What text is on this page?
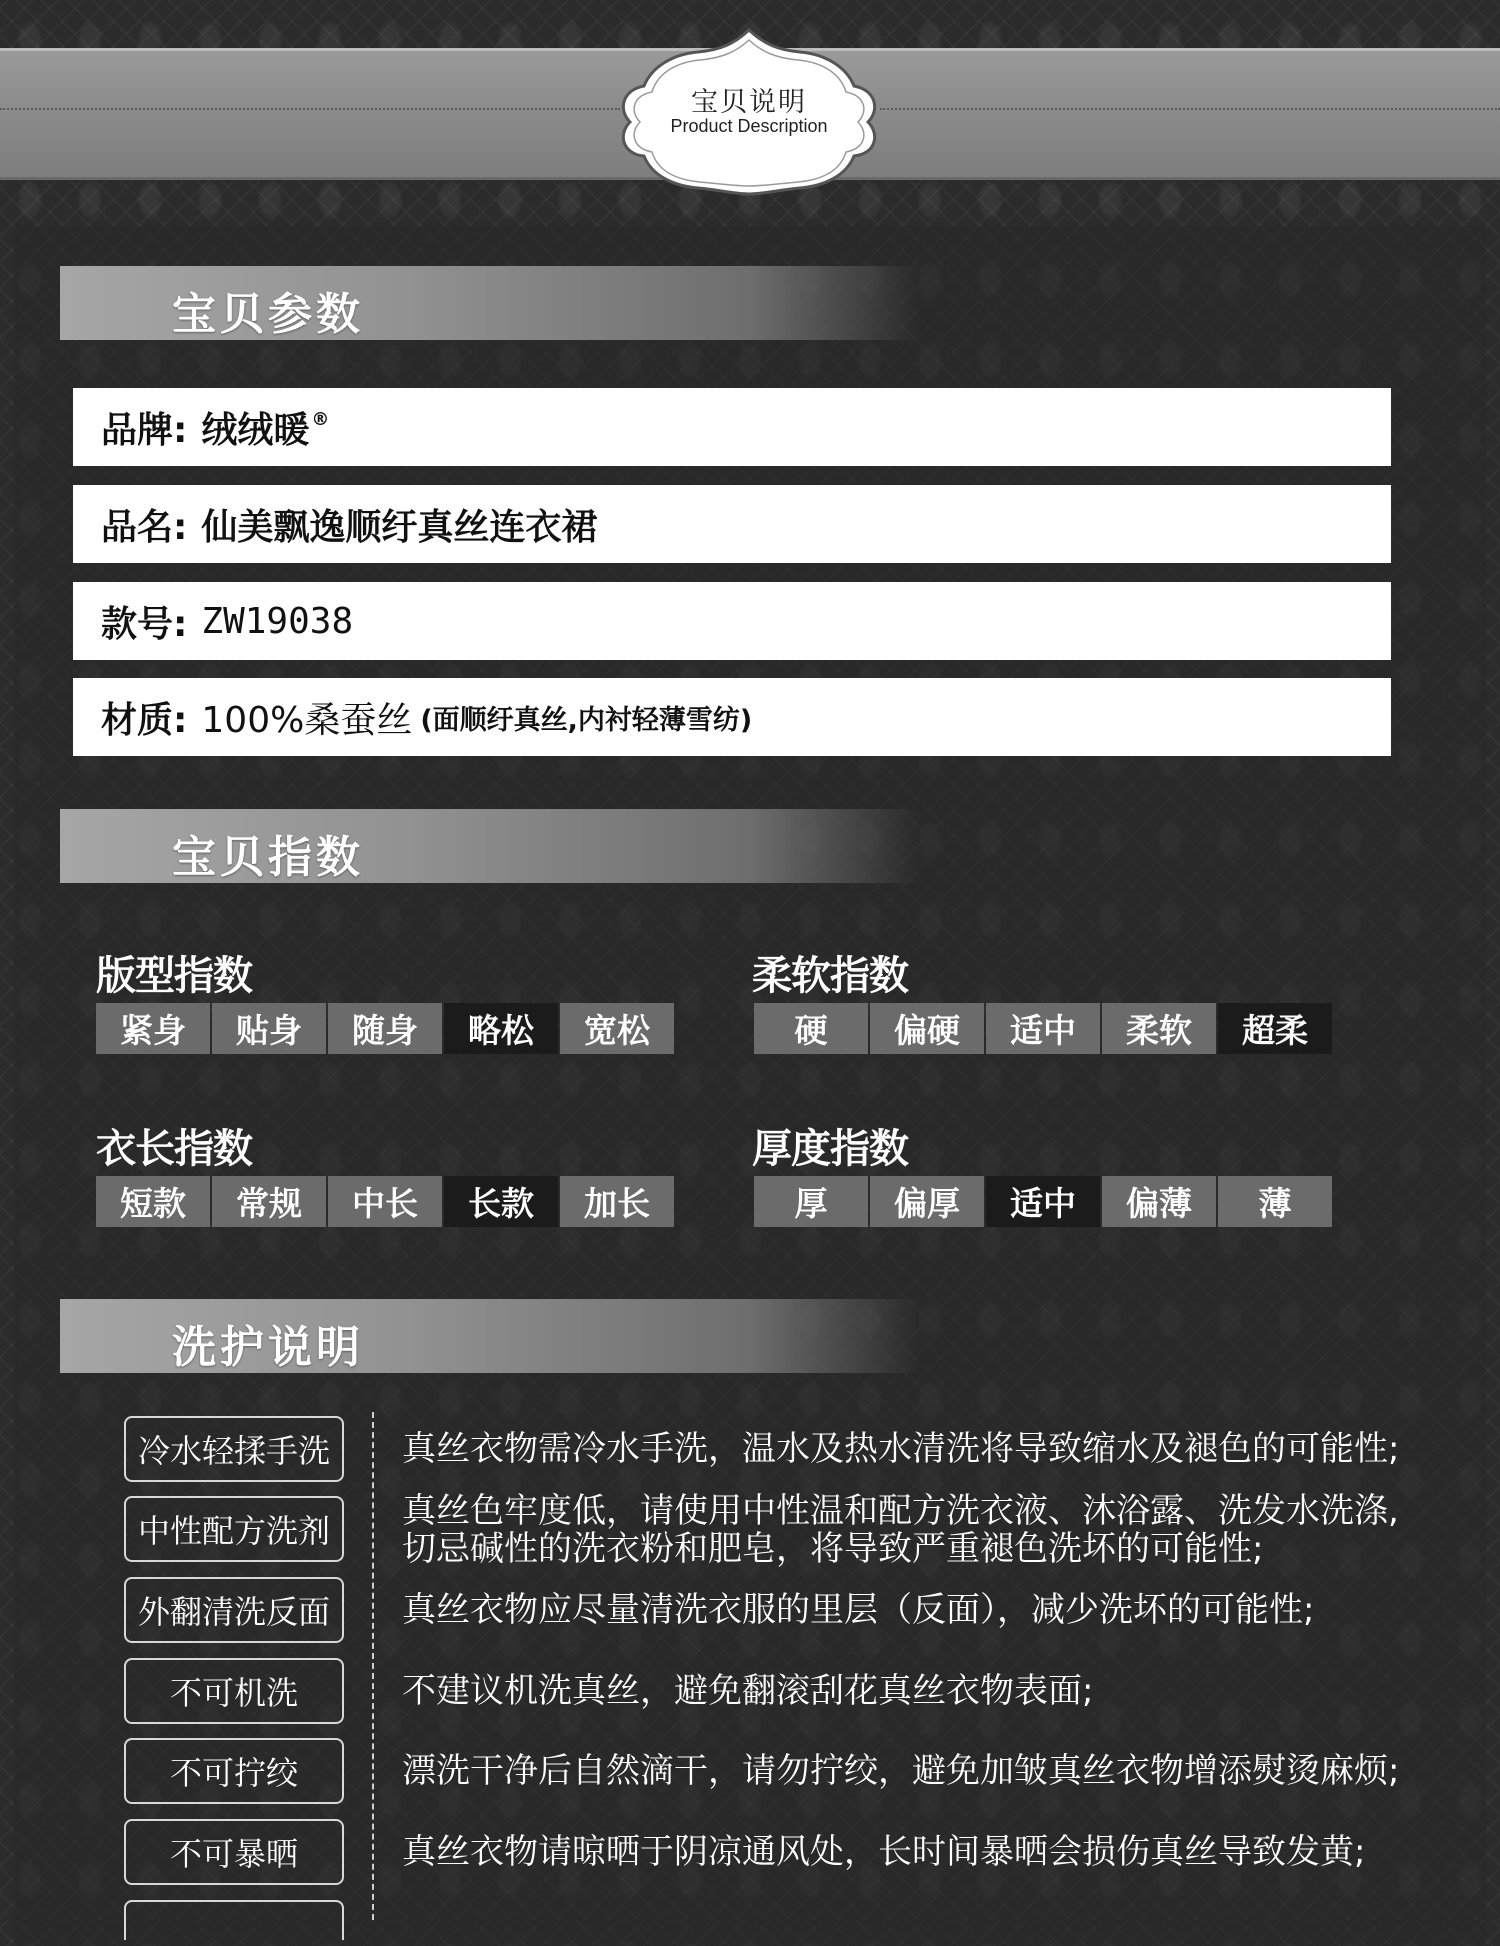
宝贝说明
Product Description
宝贝参数
品牌: 绒绒暖®
品名: 仙美飘逸顺纡真丝连衣裙
款号: ZW19038
材质: 100%桑蚕丝 (面顺纡真丝,内衬轻薄雪纺)
宝贝指数
版型指数
紧身	贴身	随身	略松	宽松
柔软指数
硬	偏硬	适中	柔软	超柔
衣长指数
短款	常规	中长	长款	加长
厚度指数
厚	偏厚	适中	偏薄	薄
洗护说明
冷水轻揉手洗	真丝衣物需冷水手洗，温水及热水清洗将导致缩水及褪色的可能性;
中性配方洗剂	真丝色牢度低，请使用中性温和配方洗衣液、沐浴露、洗发水洗涤,
切忌碱性的洗衣粉和肥皂，将导致严重褪色洗坏的可能性;
外翻清洗反面	真丝衣物应尽量清洗衣服的里层（反面），减少洗坏的可能性;
不可机洗	不建议机洗真丝，避免翻滚刮花真丝衣物表面;
不可拧绞	漂洗干净后自然滴干，请勿拧绞，避免加皱真丝衣物增添熨烫麻烦;
不可暴晒	真丝衣物请晾晒于阴凉通风处，长时间暴晒会损伤真丝导致发黄;
